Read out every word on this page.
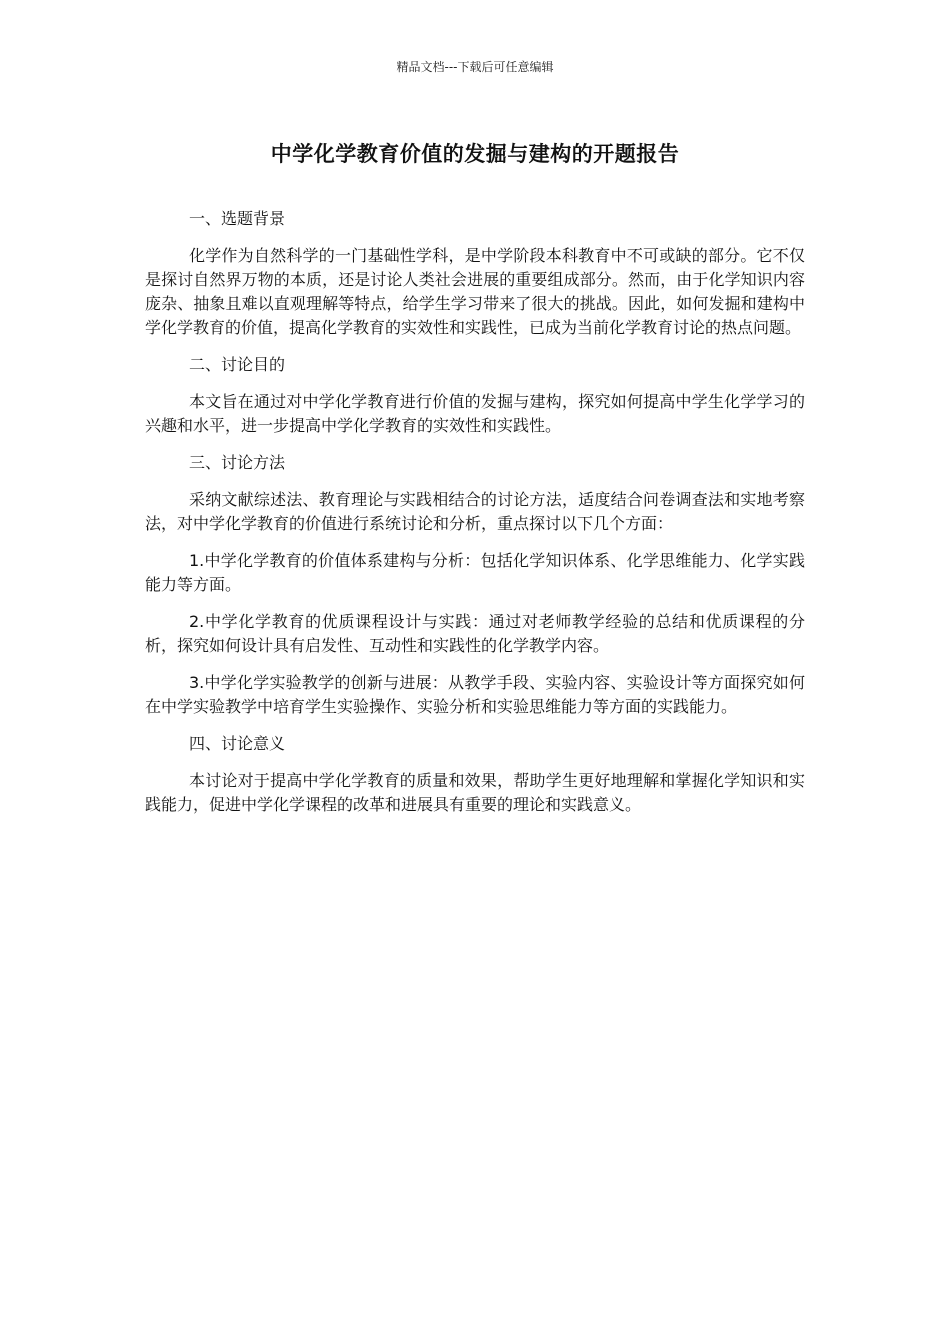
精品文档---下载后可任意编辑
中学化学教育价值的发掘与建构的开题报告

一、选题背景

化学作为自然科学的一门基础性学科，是中学阶段本科教育中不可或缺的部分。它不仅是探讨自然界万物的本质，还是讨论人类社会进展的重要组成部分。然而，由于化学知识内容庞杂、抽象且难以直观理解等特点，给学生学习带来了很大的挑战。因此，如何发掘和建构中学化学教育的价值，提高化学教育的实效性和实践性，已成为当前化学教育讨论的热点问题。

二、讨论目的

本文旨在通过对中学化学教育进行价值的发掘与建构，探究如何提高中学生化学学习的兴趣和水平，进一步提高中学化学教育的实效性和实践性。

三、讨论方法

采纳文献综述法、教育理论与实践相结合的讨论方法，适度结合问卷调查法和实地考察法，对中学化学教育的价值进行系统讨论和分析，重点探讨以下几个方面：

1.中学化学教育的价值体系建构与分析：包括化学知识体系、化学思维能力、化学实践能力等方面。

2.中学化学教育的优质课程设计与实践：通过对老师教学经验的总结和优质课程的分析，探究如何设计具有启发性、互动性和实践性的化学教学内容。

3.中学化学实验教学的创新与进展：从教学手段、实验内容、实验设计等方面探究如何在中学实验教学中培育学生实验操作、实验分析和实验思维能力等方面的实践能力。

四、讨论意义

本讨论对于提高中学化学教育的质量和效果，帮助学生更好地理解和掌握化学知识和实践能力，促进中学化学课程的改革和进展具有重要的理论和实践意义。
